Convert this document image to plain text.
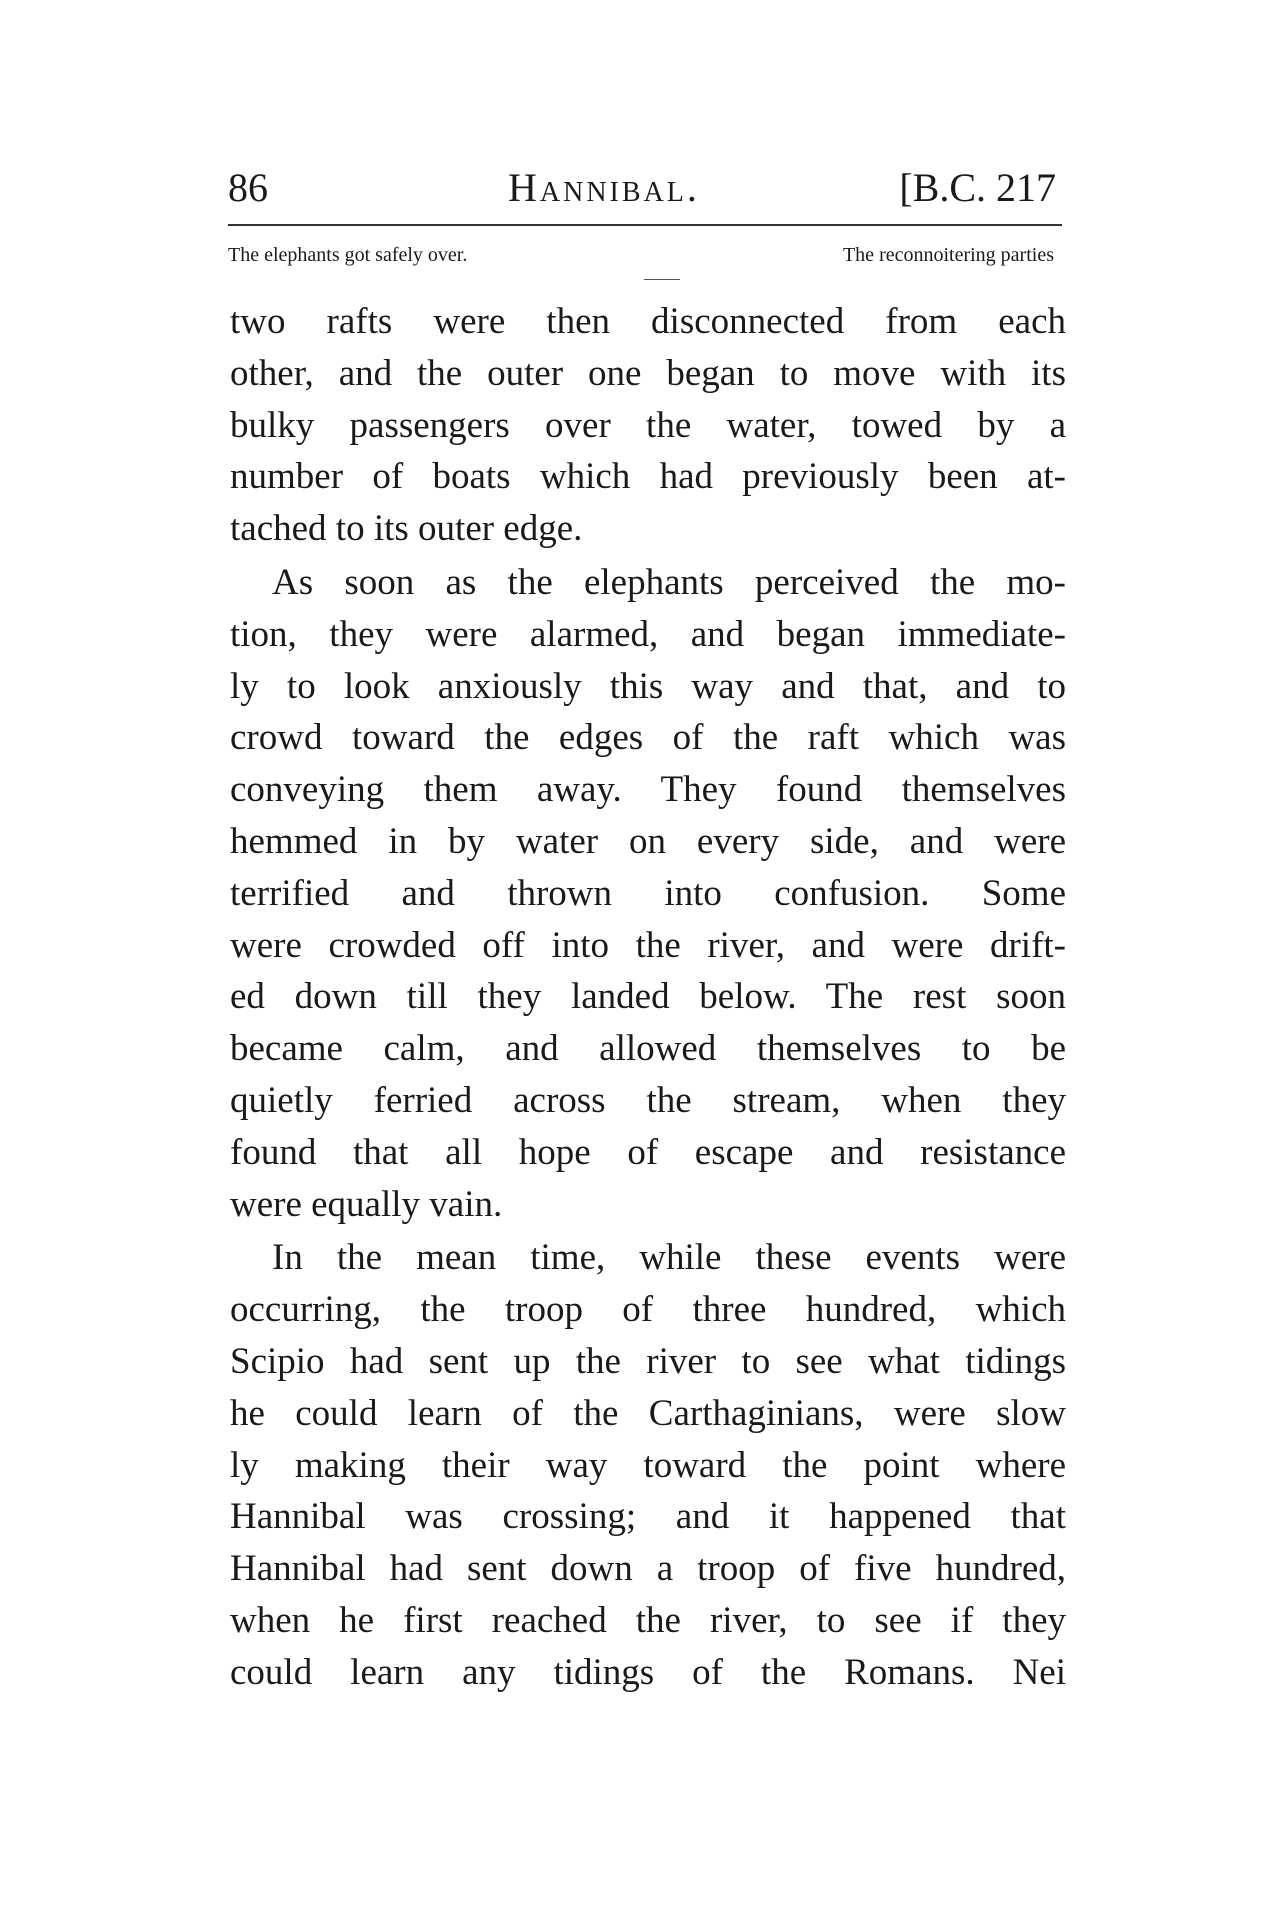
86	Hannibal.	[B.C. 217
The elephants got safely over.	The reconnoitering parties
two rafts were then disconnected from each
other, and the outer one began to move with its
bulky passengers over the water, towed by a
number of boats which had previously been at-
tached to its outer edge.
As soon as the elephants perceived the mo-
tion, they were alarmed, and began immediate-
ly to look anxiously this way and that, and to
crowd toward the edges of the raft which was
conveying them away. They found themselves
hemmed in by water on every side, and were
terrified and thrown into confusion. Some
were crowded off into the river, and were drift-
ed down till they landed below. The rest soon
became calm, and allowed themselves to be
quietly ferried across the stream, when they
found that all hope of escape and resistance
were equally vain.
In the mean time, while these events were
occurring, the troop of three hundred, which
Scipio had sent up the river to see what tidings
he could learn of the Carthaginians, were slow
ly making their way toward the point where
Hannibal was crossing; and it happened that
Hannibal had sent down a troop of five hundred,
when he first reached the river, to see if they
could learn any tidings of the Romans. Nei
